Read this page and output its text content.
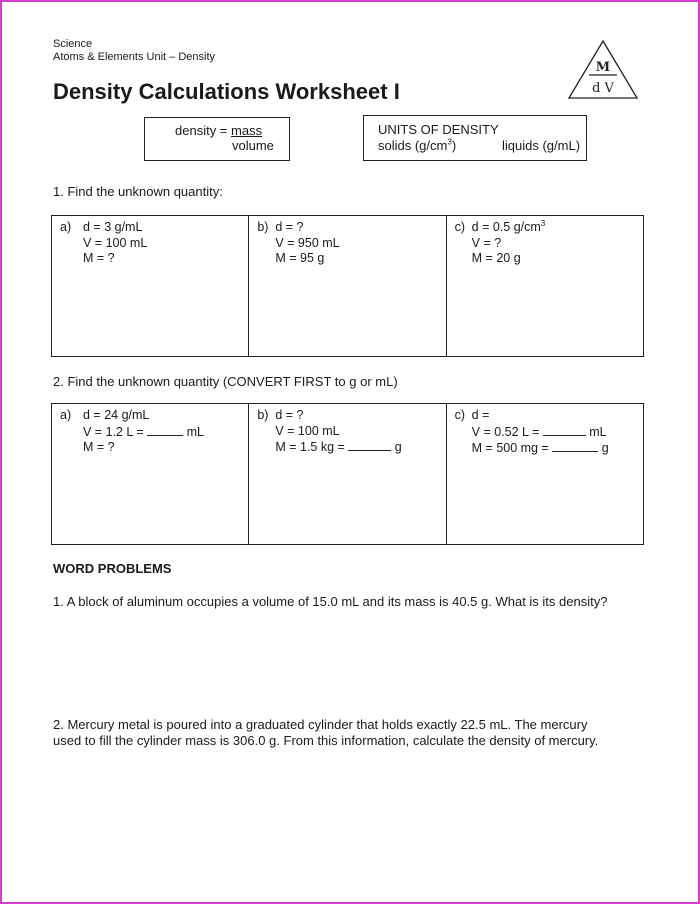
Science
Atoms & Elements Unit – Density
Density Calculations Worksheet I
M
d V
density = mass
volume
UNITS OF DENSITY
solids $(g/cm^3)$	liquids (g/mL)
1. Find the unknown quantity:
a) d = 3 g/mL
V = 100 mL
M = ?
b) d = ?
V = 950 mL
M = 95 g
c) d = 0.5 $g/cm^3$
V = ?
M = 20 g
2. Find the unknown quantity (CONVERT FIRST to g or mL)
a) d = 24 g/mL
V = 1.2 L =	mL
M = ?
b) d = ?
V = 100 mL
M = 1.5 kg =	g
c) d =
V = 0.52 L =	mL
M = 500 mg =	g
WORD PROBLEMS
1. A block of aluminum occupies a volume of 15.0 mL and its mass is 40.5 g. What is its density?
2. Mercury metal is poured into a graduated cylinder that holds exactly 22.5 mL. The mercury
used to fill the cylinder mass is 306.0 g. From this information, calculate the density of mercury.
